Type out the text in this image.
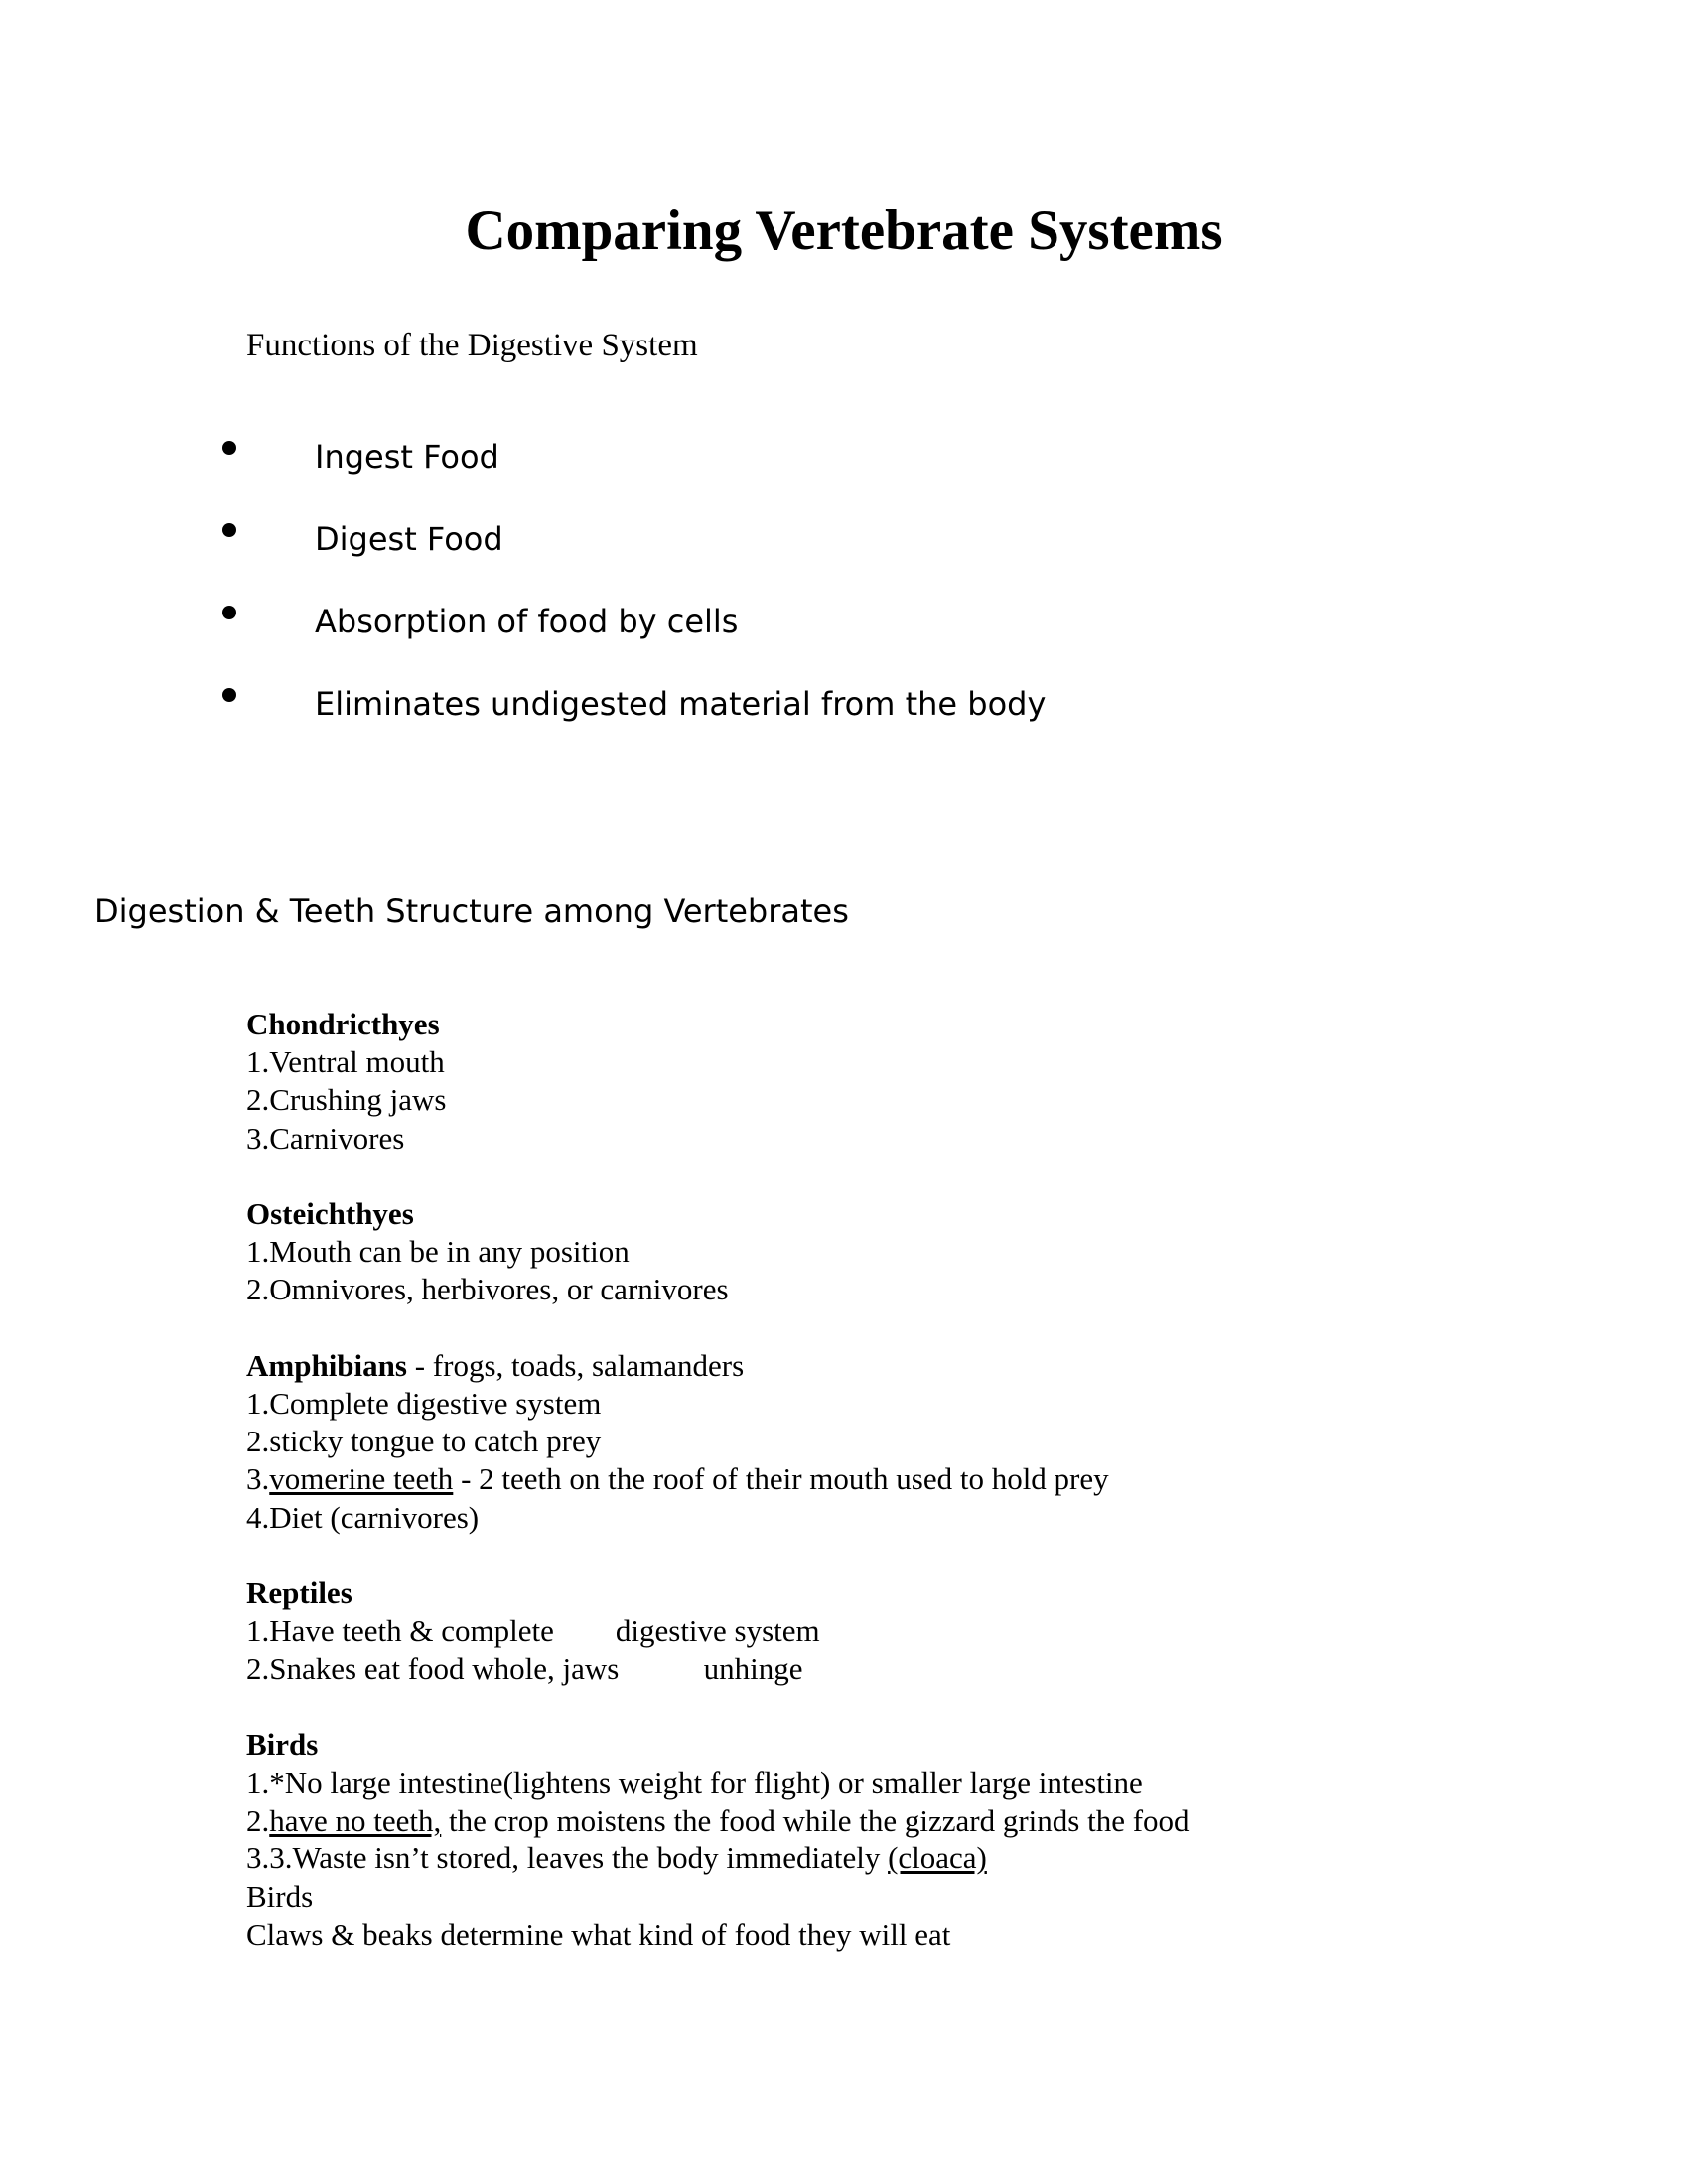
Comparing Vertebrate Systems
Functions of the Digestive System
Ingest Food
Digest Food
Absorption of food by cells
Eliminates undigested material from the body
Digestion & Teeth Structure among Vertebrates
Chondricthyes
1.Ventral mouth
2.Crushing jaws
3.Carnivores
Osteichthyes
1.Mouth can be in any position
2.Omnivores, herbivores, or carnivores
Amphibians - frogs, toads, salamanders
1.Complete digestive system
2.sticky tongue to catch prey
3.vomerine teeth - 2 teeth on the roof of their mouth used to hold prey
4.Diet (carnivores)
Reptiles
1.Have teeth & complete        digestive system
2.Snakes eat food whole, jaws           unhinge
Birds
1.*No large intestine(lightens weight for flight) or smaller large intestine
2.have no teeth, the crop moistens the food while the gizzard grinds the food
3.3.Waste isn’t stored, leaves the body immediately (cloaca)
Birds
Claws & beaks determine what kind of food they will eat
